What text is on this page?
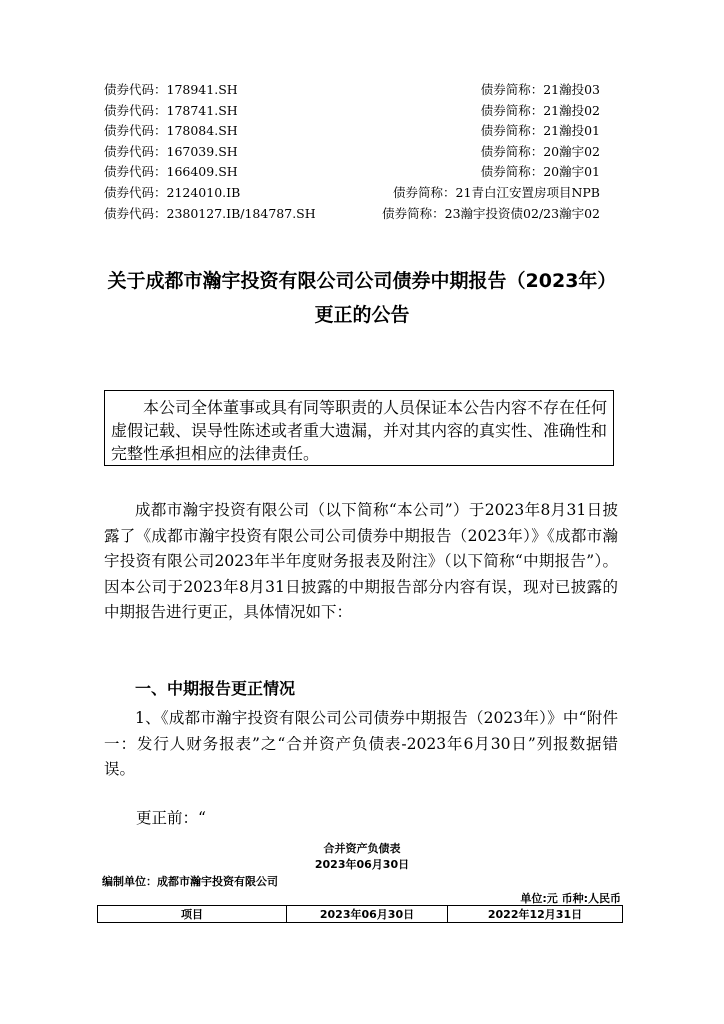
债券代码：178941.SH	债券简称：21瀚投03
债券代码：178741.SH	债券简称：21瀚投02
债券代码：178084.SH	债券简称：21瀚投01
债券代码：167039.SH	债券简称：20瀚宇02
债券代码：166409.SH	债券简称：20瀚宇01
债券代码：2124010.IB	债券简称：21青白江安置房项目NPB
债券代码：2380127.IB/184787.SH	债券简称：23瀚宇投资债02/23瀚宇02
关于成都市瀚宇投资有限公司公司债券中期报告（2023年）
更正的公告

本公司全体董事或具有同等职责的人员保证本公告内容不存在任何虚假记载、误导性陈述或者重大遗漏，并对其内容的真实性、准确性和完整性承担相应的法律责任。

成都市瀚宇投资有限公司（以下简称“本公司”）于2023年8月31日披露了《成都市瀚宇投资有限公司公司债券中期报告（2023年）》《成都市瀚宇投资有限公司2023年半年度财务报表及附注》（以下简称“中期报告”）。因本公司于2023年8月31日披露的中期报告部分内容有误，现对已披露的中期报告进行更正，具体情况如下：

一、中期报告更正情况

1、《成都市瀚宇投资有限公司公司债券中期报告（2023年）》中“附件一：发行人财务报表”之“合并资产负债表-2023年6月30日”列报数据错误。

更正前：“
合并资产负债表
2023年06月30日
编制单位：成都市瀚宇投资有限公司
单位:元 币种:人民币
项目	2023年06月30日	2022年12月31日
